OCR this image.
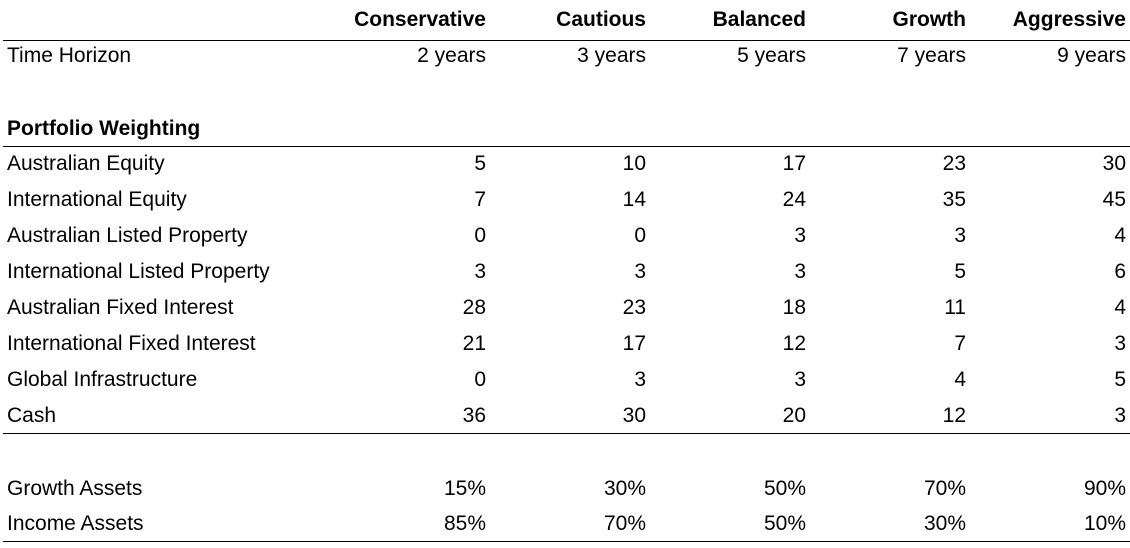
Conservative	Cautious	Balanced	Growth	Aggressive
Time Horizon	2 years	3 years	5 years	7 years	9 years
Portfolio Weighting
Australian Equity	5	10	17	23	30
International Equity	7	14	24	35	45
Australian Listed Property	0	0	3	3	4
International Listed Property	3	3	3	5	6
Australian Fixed Interest	28	23	18	11	4
International Fixed Interest	21	17	12	7	3
Global Infrastructure	0	3	3	4	5
Cash	36	30	20	12	3
Growth Assets	15%	30%	50%	70%	90%
Income Assets	85%	70%	50%	30%	10%
